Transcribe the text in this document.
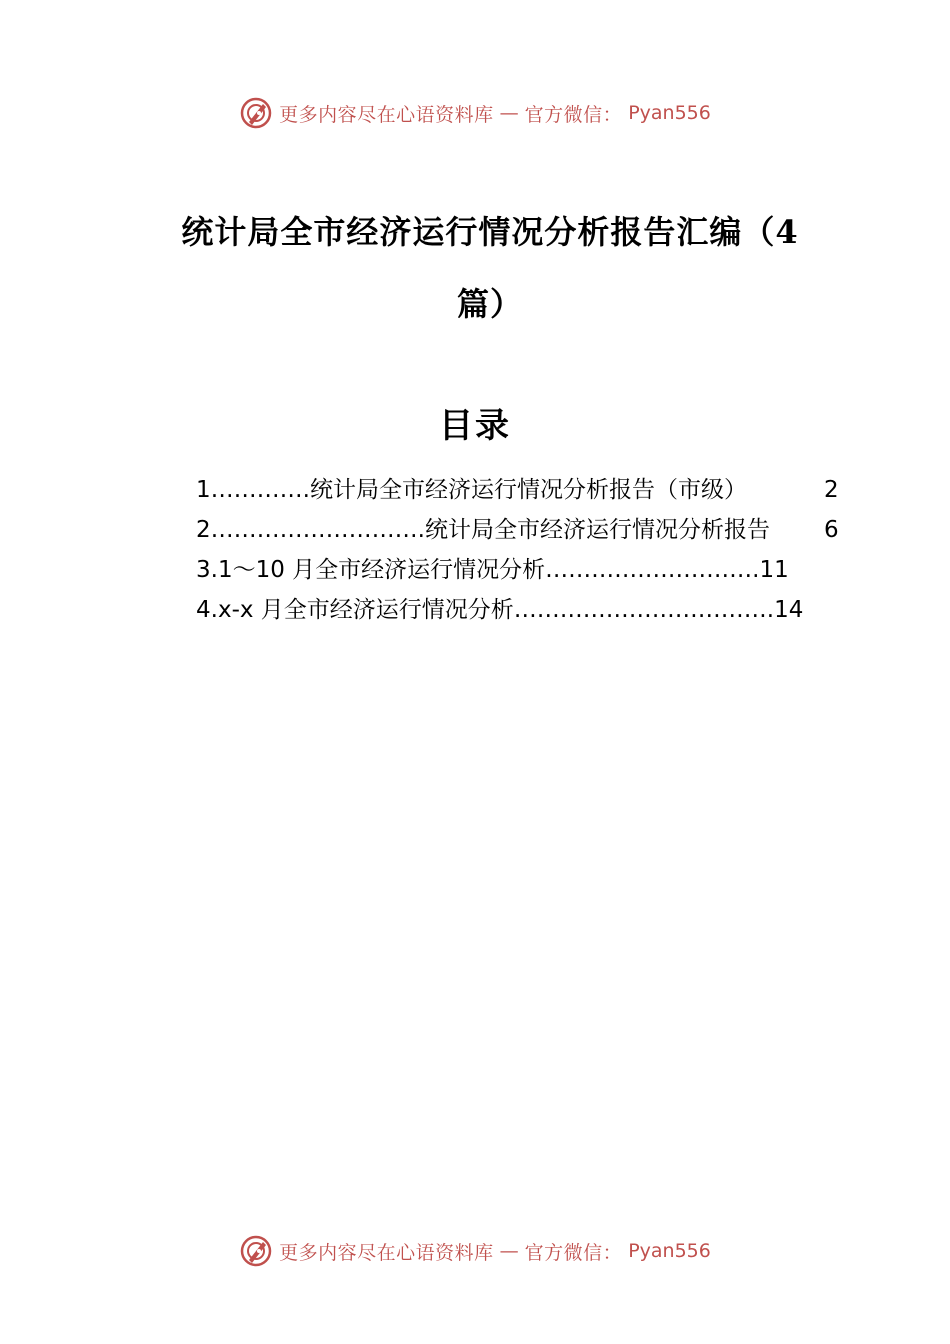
更多内容尽在心语资料库 — 官方微信： Pyan556
统计局全市经济运行情况分析报告汇编（4篇）
目录
1………….统计局全市经济运行情况分析报告（市级）	2
2……………………….统计局全市经济运行情况分析报告 6
3.1～10 月全市经济运行情况分析……………………….11
4.x-x 月全市经济运行情况分析…………………………….14
更多内容尽在心语资料库 — 官方微信： Pyan556
